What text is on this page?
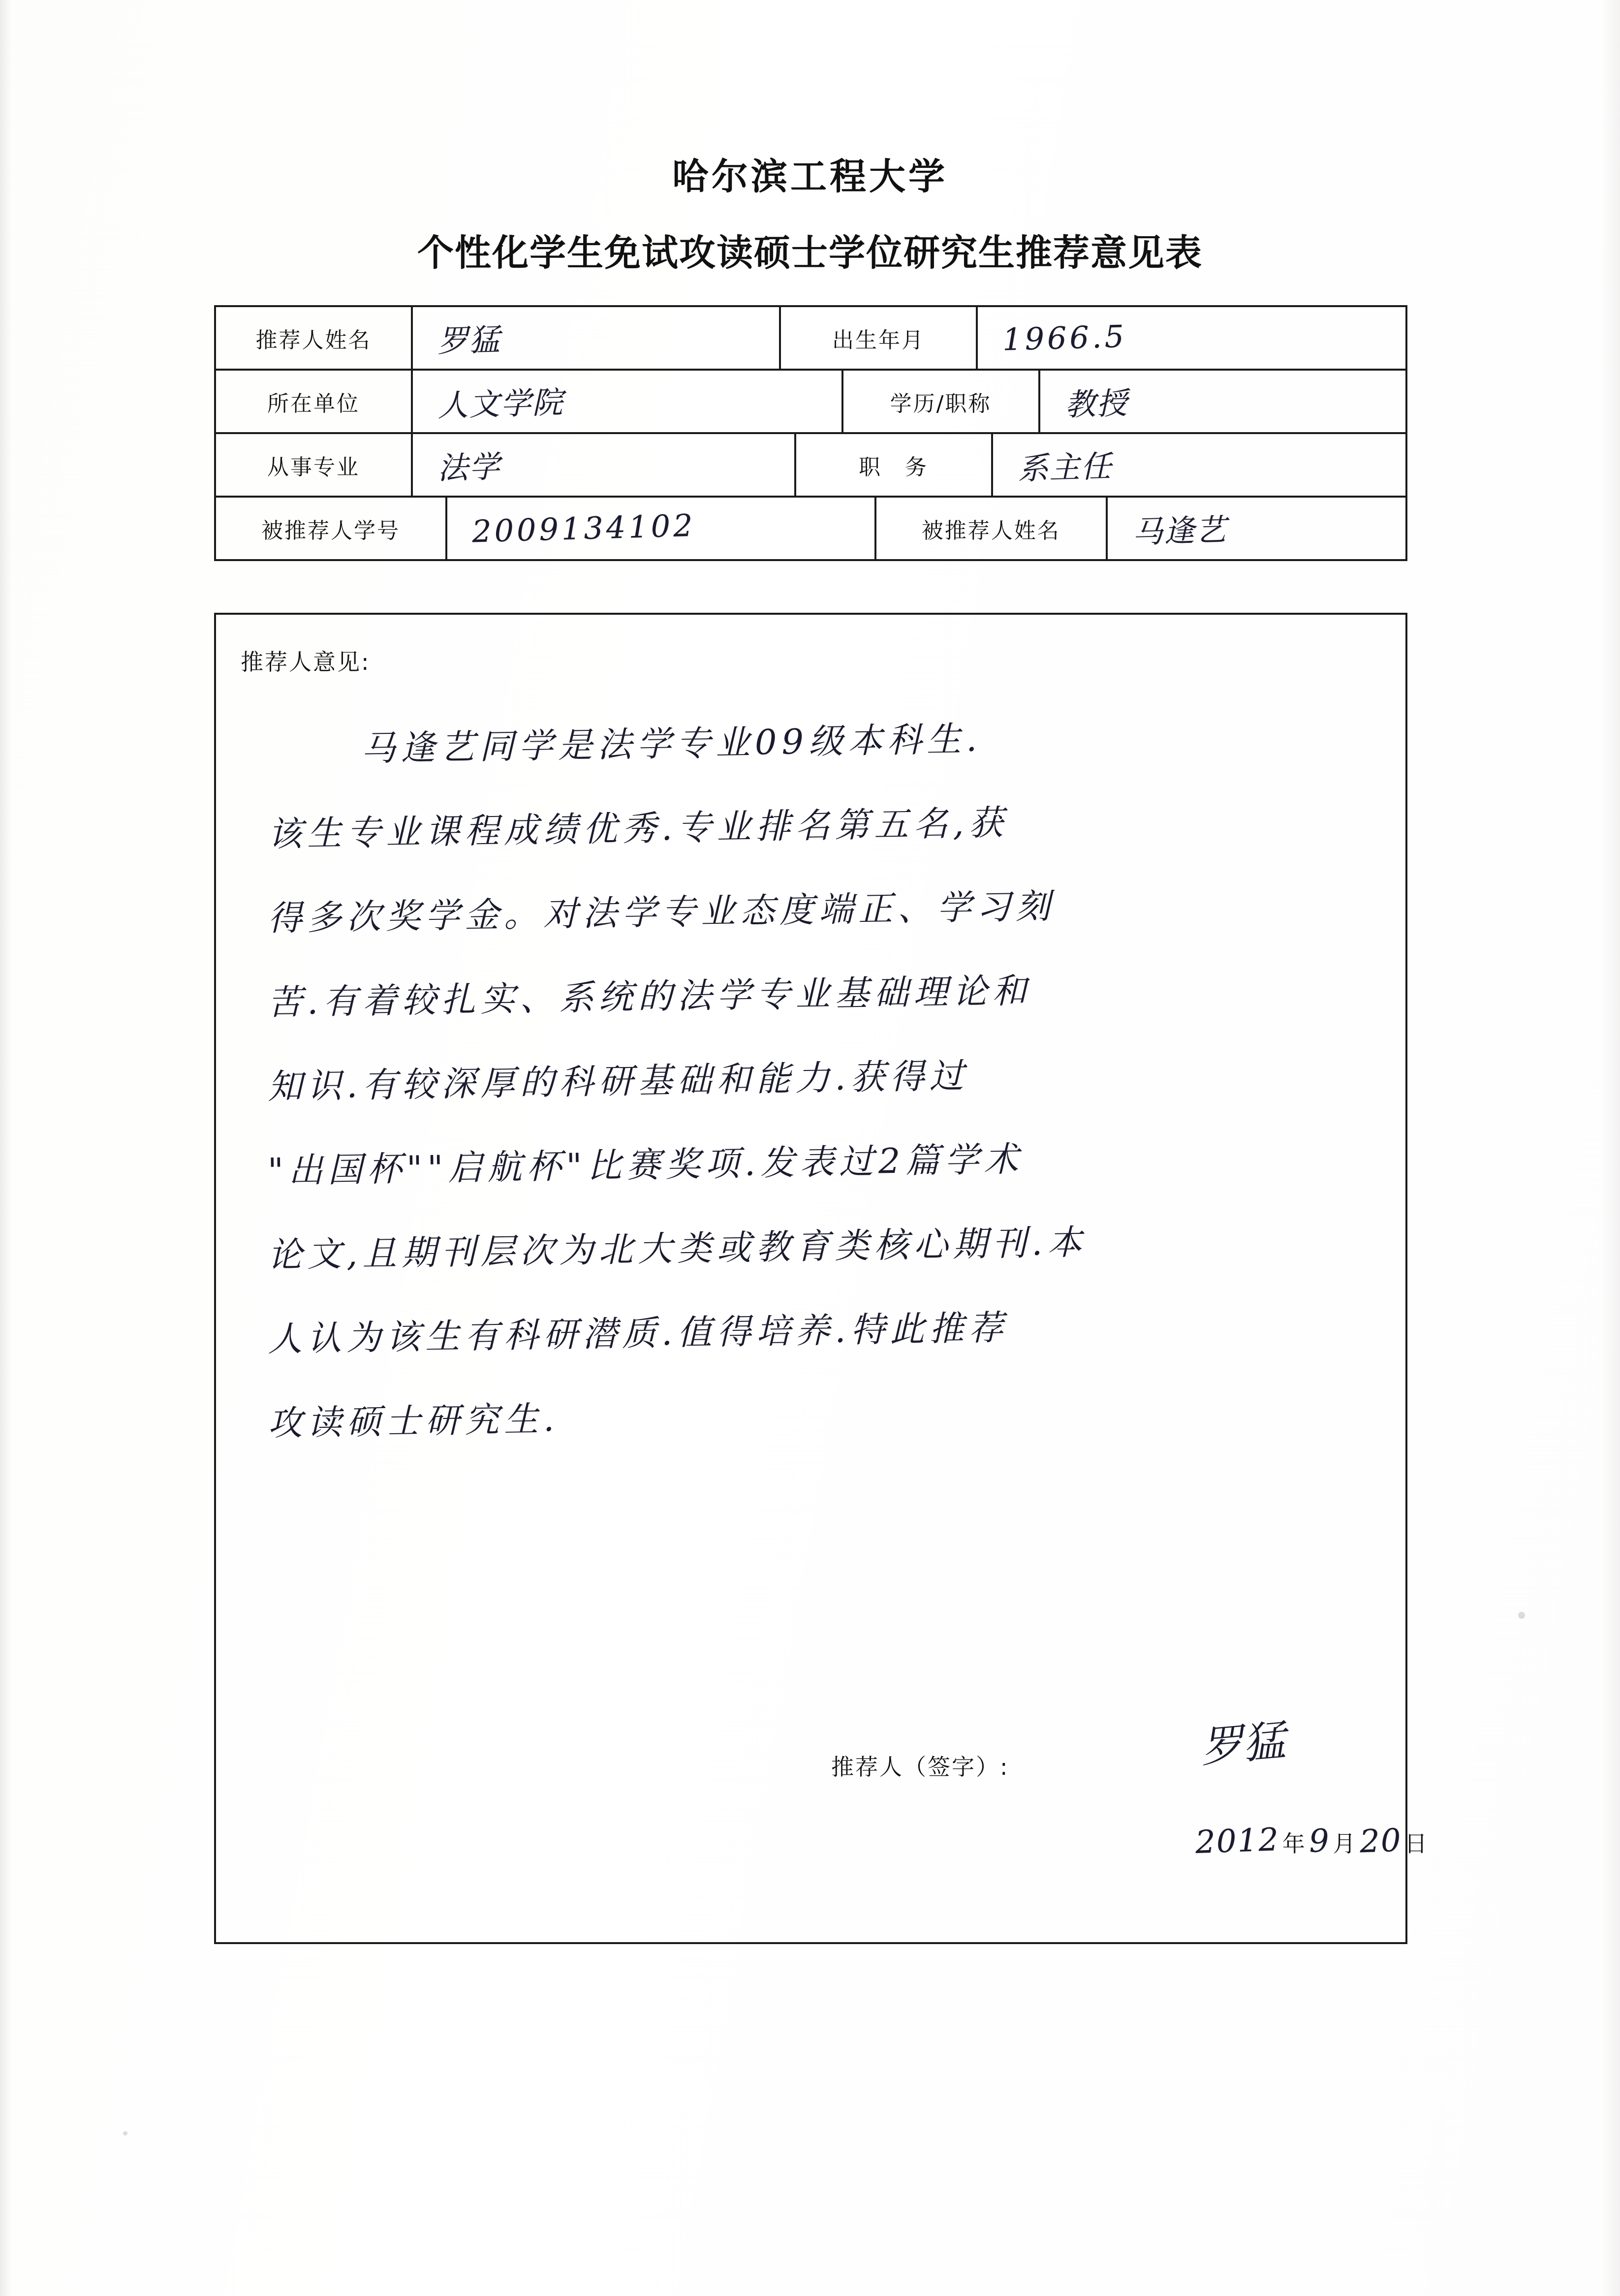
哈尔滨工程大学
个性化学生免试攻读硕士学位研究生推荐意见表
推荐人姓名	罗猛	出生年月	1966.5
所在单位	人文学院	学历/职称	教授
从事专业	法学	职　务	系主任
被推荐人学号	2009134102	被推荐人姓名	马逢艺
推荐人意见:
马逢艺同学是法学专业09级本科生.
该生专业课程成绩优秀.专业排名第五名,获
得多次奖学金。对法学专业态度端正、学习刻
苦.有着较扎实、系统的法学专业基础理论和
知识.有较深厚的科研基础和能力.获得过
"出国杯""启航杯"比赛奖项.发表过2篇学术
论文,且期刊层次为北大类或教育类核心期刊.本
人认为该生有科研潜质.值得培养.特此推荐
攻读硕士研究生.
推荐人（签字）:	罗猛
2012 年 9 月 20 日
